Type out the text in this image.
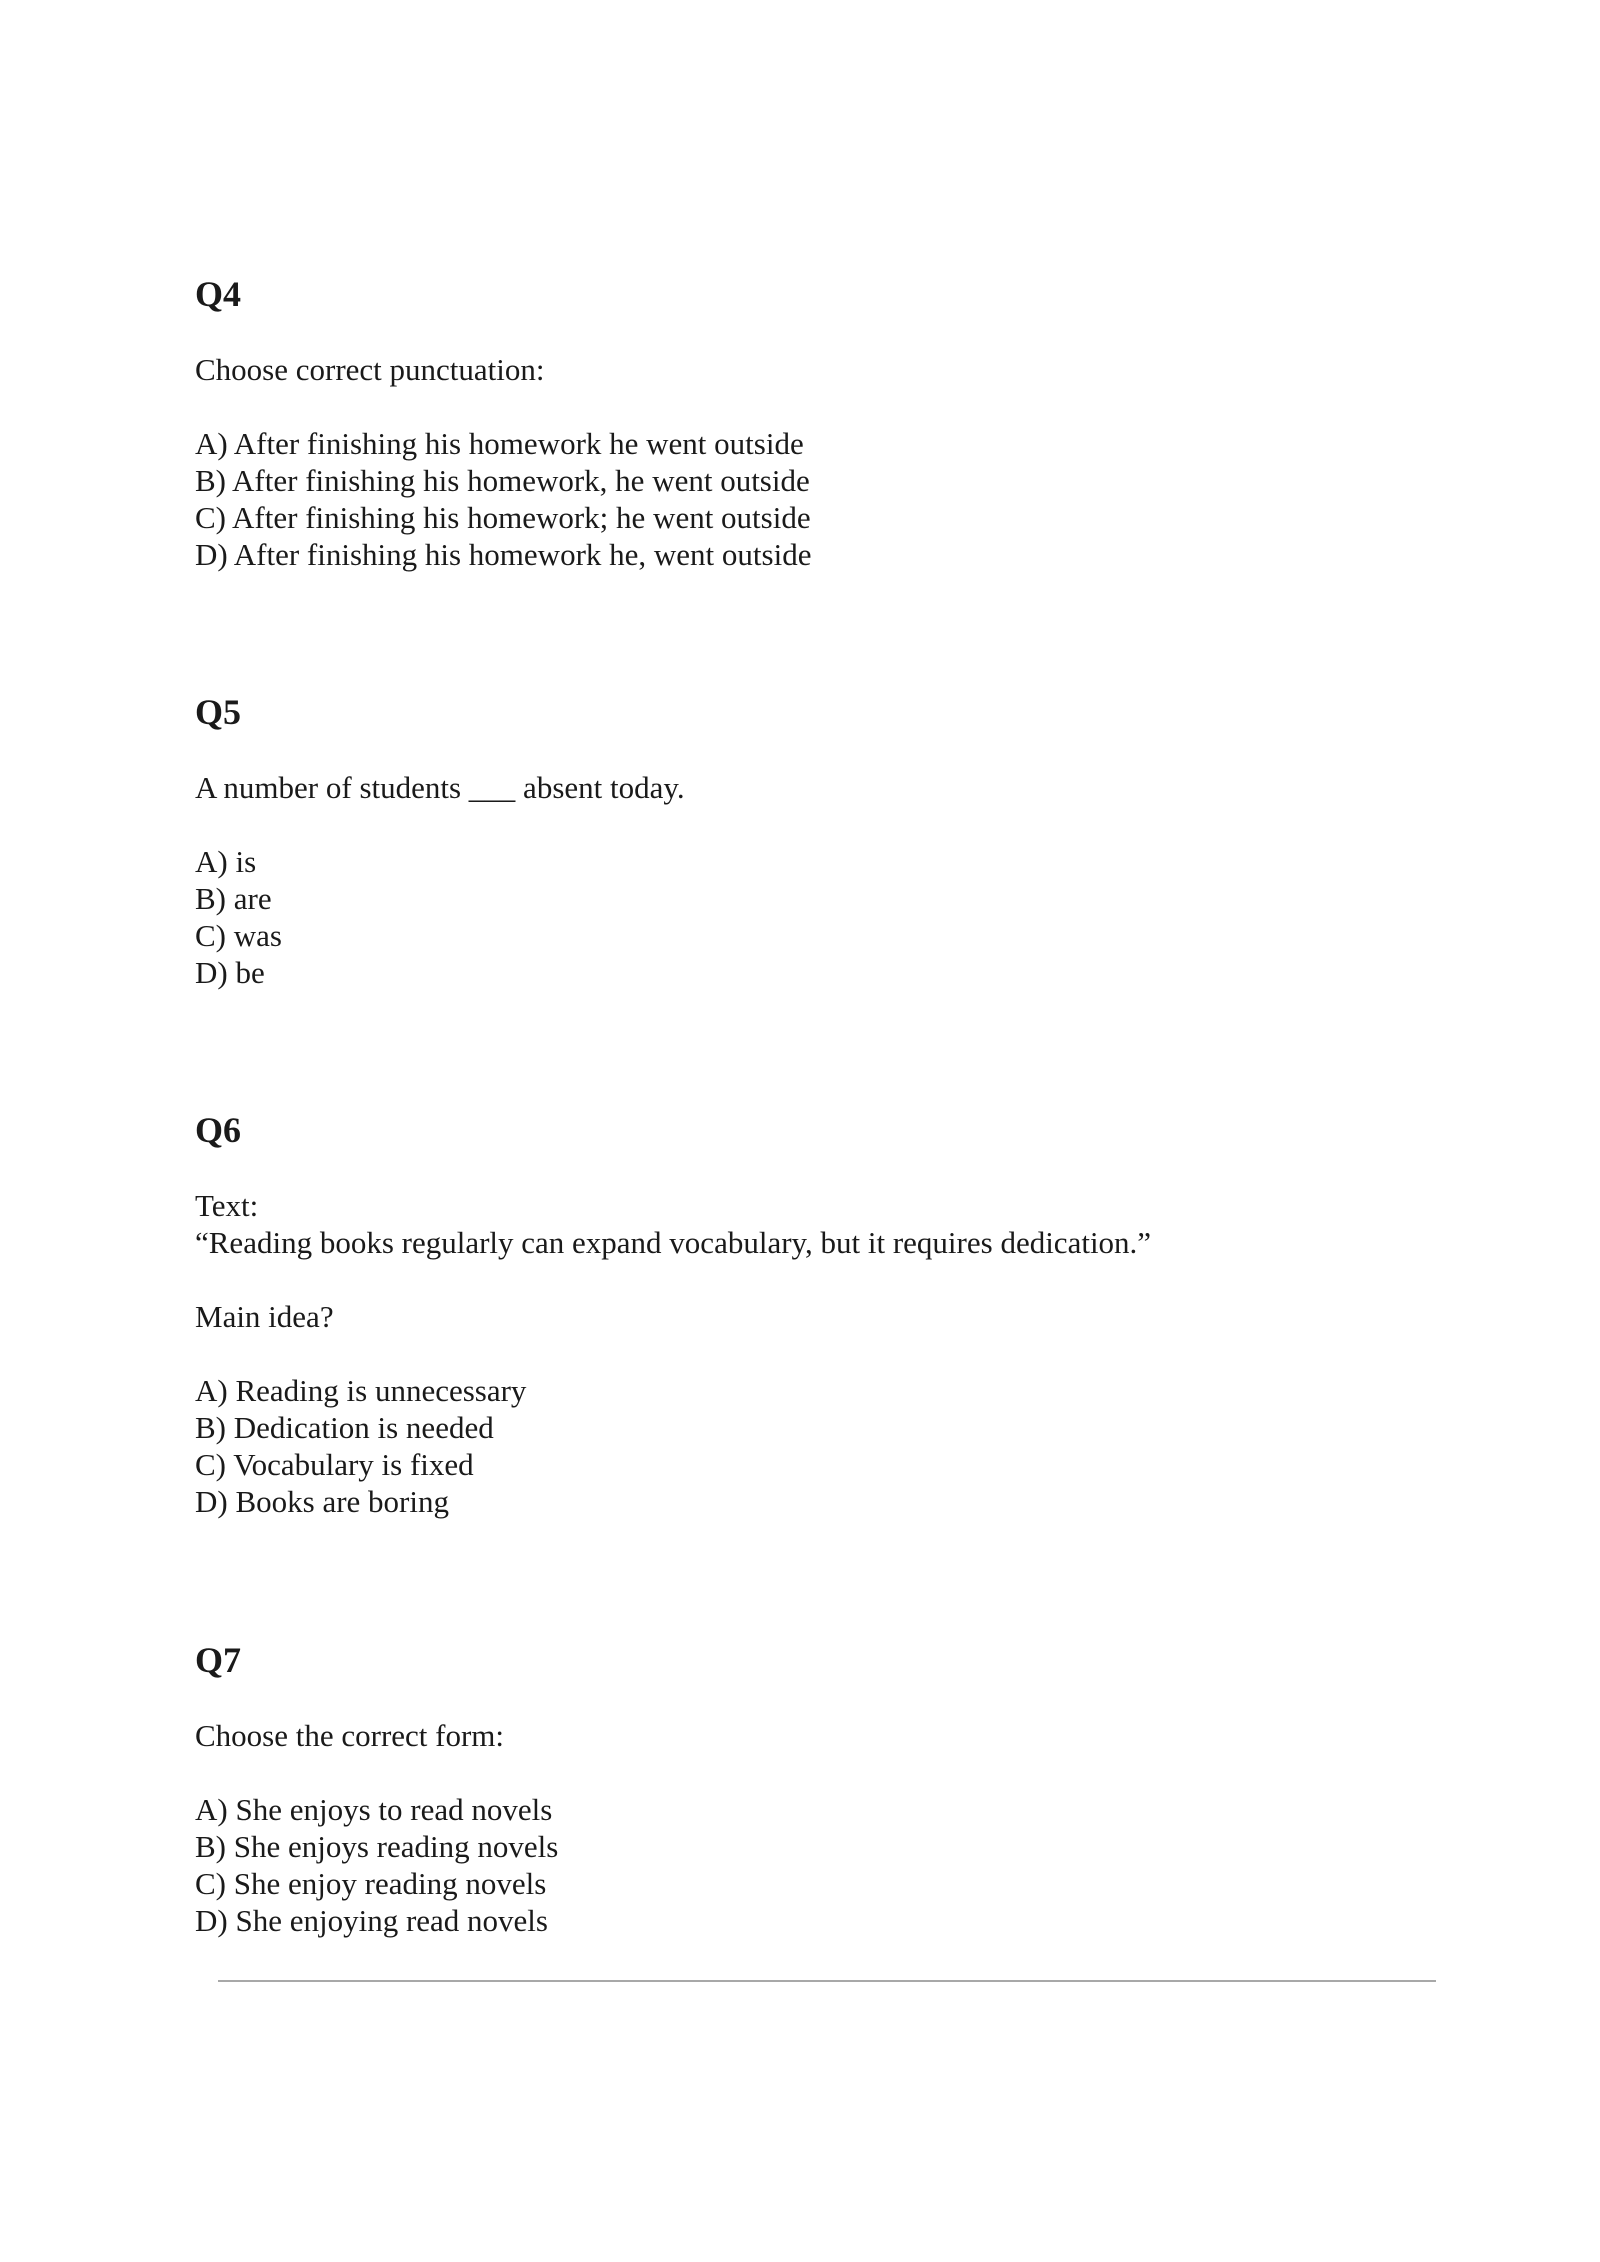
Q4

Choose correct punctuation:

A) After finishing his homework he went outside
B) After finishing his homework, he went outside
C) After finishing his homework; he went outside
D) After finishing his homework he, went outside
Q5

A number of students ___ absent today.

A) is
B) are
C) was
D) be
Q6

Text:

“Reading books regularly can expand vocabulary, but it requires dedication.”

Main idea?

A) Reading is unnecessary
B) Dedication is needed
C) Vocabulary is fixed
D) Books are boring
Q7

Choose the correct form:

A) She enjoys to read novels
B) She enjoys reading novels
C) She enjoy reading novels
D) She enjoying read novels
